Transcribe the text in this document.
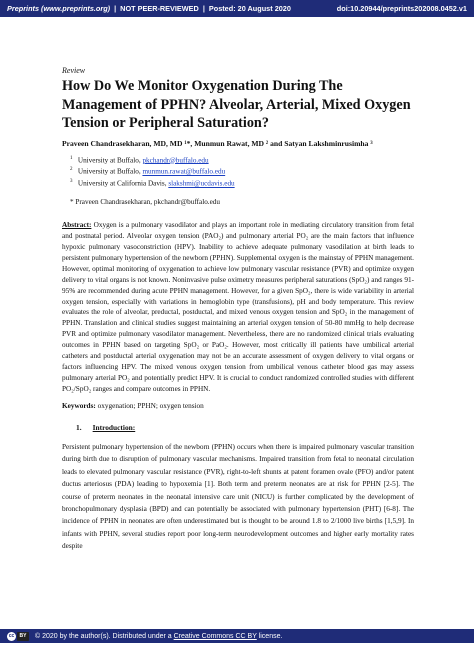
Preprints (www.preprints.org) | NOT PEER-REVIEWED | Posted: 20 August 2020	doi:10.20944/preprints202008.0452.v1
Review
How Do We Monitor Oxygenation During The Management of PPHN? Alveolar, Arterial, Mixed Oxygen Tension or Peripheral Saturation?
Praveen Chandrasekharan, MD, MD ¹*, Munmun Rawat, MD ² and Satyan Lakshminrusimha ³
$^1$ University at Buffalo, pkchandr@buffalo.edu
$^2$ University at Buffalo, munmun.rawat@buffalo.edu
$^3$ University at California Davis, slakshmi@ucdavis.edu
* Praveen Chandrasekharan, pkchandr@buffalo.edu

Abstract: Oxygen is a pulmonary vasodilator and plays an important role in mediating circulatory transition from fetal and postnatal period. Alveolar oxygen tension (PAO₂) and pulmonary arterial PO₂ are the main factors that influence hypoxic pulmonary vasoconstriction (HPV). Inability to achieve adequate pulmonary vasodilation at birth leads to persistent pulmonary hypertension of the newborn (PPHN). Supplemental oxygen is the mainstay of PPHN management. However, optimal monitoring of oxygenation to achieve low pulmonary vascular resistance (PVR) and optimize oxygen delivery to vital organs is not known. Noninvasive pulse oximetry measures peripheral saturations (SpO₂) and ranges 91-95% are recommended during acute PPHN management. However, for a given SpO₂, there is wide variability in arterial oxygen tension, especially with variations in hemoglobin type (transfusions), pH and body temperature. This review evaluates the role of alveolar, preductal, postductal, and mixed venous oxygen tension and SpO₂ in the management of PPHN. Translation and clinical studies suggest maintaining an arterial oxygen tension of 50-80 mmHg to help decrease PVR and optimize pulmonary vasodilator management. Nevertheless, there are no randomized clinical trials evaluating outcomes in PPHN based on targeting SpO₂ or PaO₂. However, most critically ill patients have umbilical arterial catheters and postductal arterial oxygenation may not be an accurate assessment of oxygen delivery to vital organs or factors influencing HPV. The mixed venous oxygen tension from umbilical venous catheter blood gas may assess pulmonary arterial PO₂ and potentially predict HPV. It is crucial to conduct randomized controlled studies with different PO₂/SpO₂ ranges and compare outcomes in PPHN.

Keywords: oxygenation; PPHN; oxygen tension
1. Introduction:

Persistent pulmonary hypertension of the newborn (PPHN) occurs when there is impaired pulmonary vascular transition during birth due to disruption of pulmonary vascular mechanisms. Impaired transition from fetal to neonatal circulation leads to elevated pulmonary vascular resistance (PVR), right-to-left shunts at patent foramen ovale (PFO) and/or patent ductus arteriosus (PDA) leading to hypoxemia [1]. Both term and preterm neonates are at risk for PPHN [2-5]. The course of preterm neonates in the neonatal intensive care unit (NICU) is further complicated by the development of bronchopulmonary dysplasia (BPD) and can potentially be associated with pulmonary hypertension (PHT) [6-8]. The incidence of PPHN in neonates are often underestimated but is thought to be around 1.8 to 2/1000 live births [1,5,9]. In infants with PPHN, several studies report poor long-term neurodevelopment outcomes and higher early mortality rates despite

cc	BY	© 2020 by the author(s). Distributed under a Creative Commons CC BY license.
